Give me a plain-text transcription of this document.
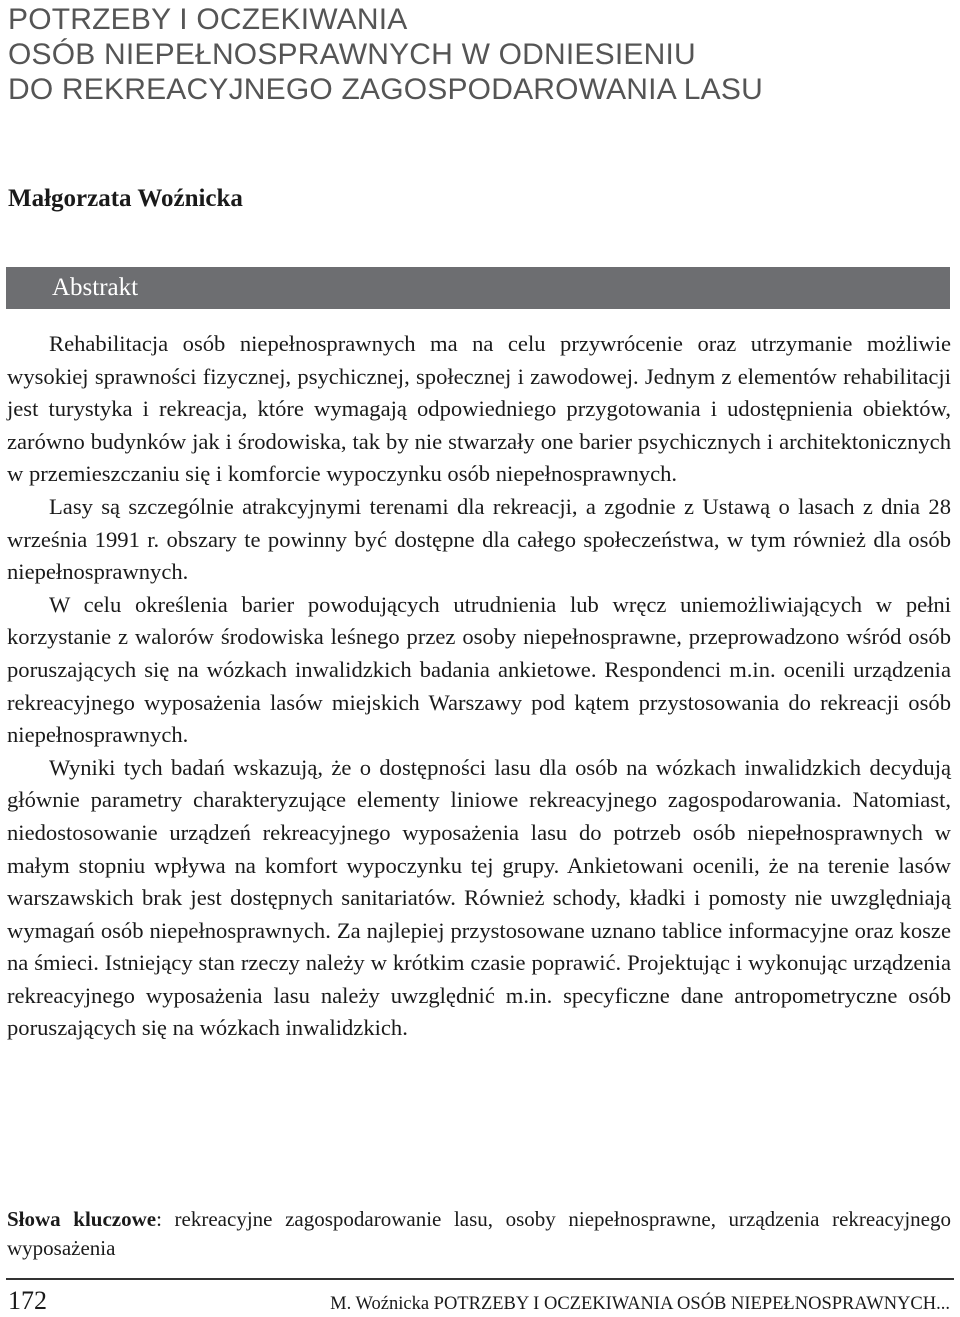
POTRZEBY I OCZEKIWANIA
OSÓB NIEPEŁNOSPRAWNYCH W ODNIESIENIU
DO REKREACYJNEGO ZAGOSPODAROWANIA LASU
Małgorzata Woźnicka
Abstrakt

Rehabilitacja osób niepełnosprawnych ma na celu przywrócenie oraz utrzymanie możliwie wysokiej sprawności fizycznej, psychicznej, społecznej i zawodowej. Jednym z elementów rehabilitacji jest turystyka i rekreacja, które wymagają odpowiedniego przygotowania i udostępnienia obiektów, zarówno budynków jak i środowiska, tak by nie stwarzały one barier psychicznych i architektonicznych w przemieszczaniu się i komforcie wypoczynku osób niepełnosprawnych.

Lasy są szczególnie atrakcyjnymi terenami dla rekreacji, a zgodnie z Ustawą o lasach z dnia 28 września 1991 r. obszary te powinny być dostępne dla całego społeczeństwa, w tym również dla osób niepełnosprawnych.

W celu określenia barier powodujących utrudnienia lub wręcz uniemożliwiających w pełni korzystanie z walorów środowiska leśnego przez osoby niepełnosprawne, przeprowadzono wśród osób poruszających się na wózkach inwalidzkich badania ankietowe. Respondenci m.in. ocenili urządzenia rekreacyjnego wyposażenia lasów miejskich Warszawy pod kątem przystosowania do rekreacji osób niepełnosprawnych.

Wyniki tych badań wskazują, że o dostępności lasu dla osób na wózkach inwalidzkich decydują głównie parametry charakteryzujące elementy liniowe rekreacyjnego zagospodarowania. Natomiast, niedostosowanie urządzeń rekreacyjnego wyposażenia lasu do potrzeb osób niepełnosprawnych w małym stopniu wpływa na komfort wypoczynku tej grupy. Ankietowani ocenili, że na terenie lasów warszawskich brak jest dostępnych sanitariatów. Również schody, kładki i pomosty nie uwzględniają wymagań osób niepełnosprawnych. Za najlepiej przystosowane uznano tablice informacyjne oraz kosze na śmieci. Istniejący stan rzeczy należy w krótkim czasie poprawić. Projektując i wykonując urządzenia rekreacyjnego wyposażenia lasu należy uwzględnić m.in. specyficzne dane antropometryczne osób poruszających się na wózkach inwalidzkich.

Słowa kluczowe: rekreacyjne zagospodarowanie lasu, osoby niepełnosprawne, urządzenia rekreacyjnego wyposażenia

172	M. Woźnicka POTRZEBY I OCZEKIWANIA OSÓB NIEPEŁNOSPRAWNYCH...
